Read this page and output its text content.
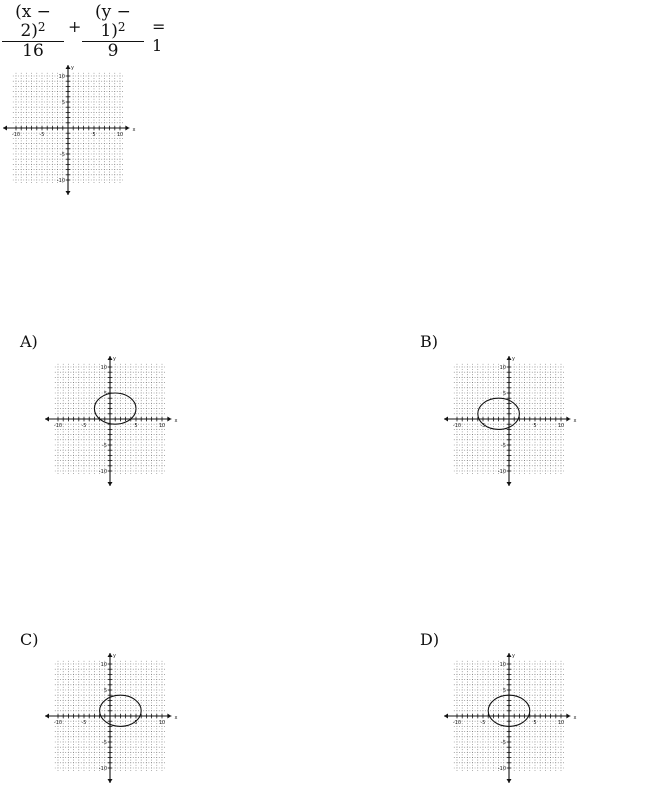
$\frac{(x - 2)^2}{16} + \frac{(y - 1)^2}{9} = 1$
-10	-5	5	10
10
5
-5
-10
x
y
A)
-10	-5	5	10
10
5
-5
-10
x
y
B)
-10	-5	5	10
10
5
-5
-10
x
y
C)
-10	-5	5	10
10
5
-5
-10
x
y
D)
-10	-5	5	10
10
5
-5
-10
x
y
